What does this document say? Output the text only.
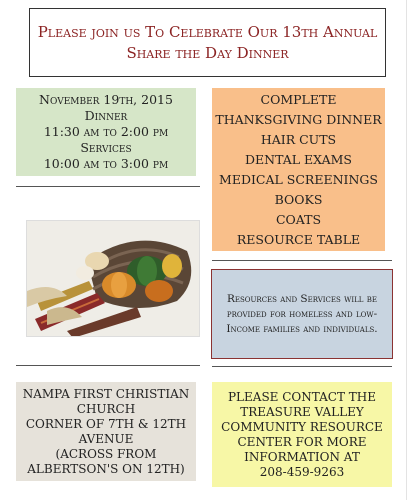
Please join us To Celebrate Our 13th Annual
Share the Day Dinner
November 19th, 2015
Dinner
11:30 am to 2:00 pm
Services
10:00 am to 3:00 pm
COMPLETE
THANKSGIVING DINNER
HAIR CUTS
DENTAL EXAMS
MEDICAL SCREENINGS
BOOKS
COATS
RESOURCE TABLE
Resources and Services will be provided for homeless and low-Income families and individuals.
NAMPA FIRST CHRISTIAN
CHURCH
CORNER OF 7TH & 12TH
AVENUE
(ACROSS FROM
ALBERTSON'S ON 12TH)
PLEASE CONTACT THE
TREASURE VALLEY
COMMUNITY RESOURCE
CENTER FOR MORE
INFORMATION AT
208-459-9263
